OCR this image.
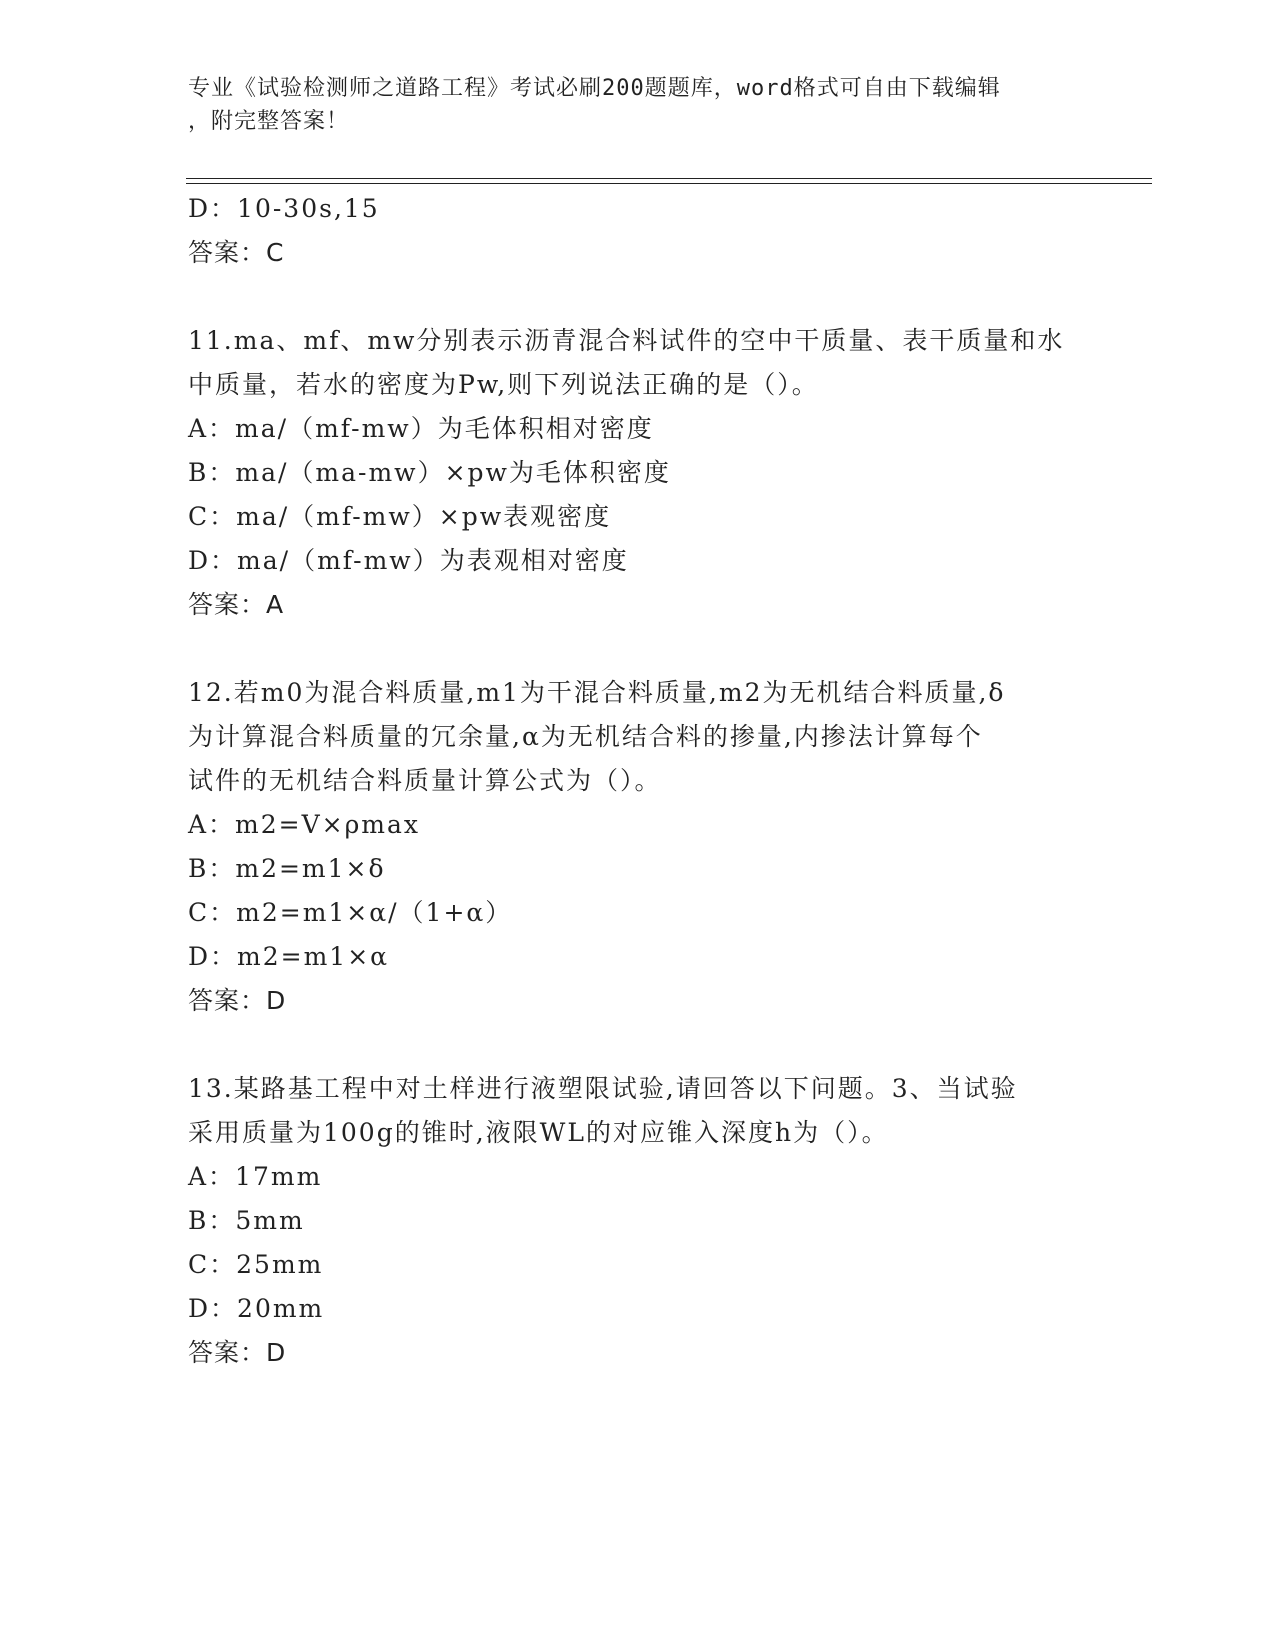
专业《试验检测师之道路工程》考试必刷200题题库，word格式可自由下载编辑
，附完整答案！
D：10-30s,15
答案：C
11.ma、mf、mw分别表示沥青混合料试件的空中干质量、表干质量和水
中质量，若水的密度为Pw,则下列说法正确的是（）。
A：ma/（mf-mw）为毛体积相对密度
B：ma/（ma-mw）×pw为毛体积密度
C：ma/（mf-mw）×pw表观密度
D：ma/（mf-mw）为表观相对密度
答案：A
12.若m0为混合料质量,m1为干混合料质量,m2为无机结合料质量,δ
为计算混合料质量的冗余量,α为无机结合料的掺量,内掺法计算每个
试件的无机结合料质量计算公式为（）。
A：m2=V×ρmax
B：m2=m1×δ
C：m2=m1×α/（1+α）
D：m2=m1×α
答案：D
13.某路基工程中对土样进行液塑限试验,请回答以下问题。3、当试验
采用质量为100g的锥时,液限WL的对应锥入深度h为（）。
A：17mm
B：5mm
C：25mm
D：20mm
答案：D
